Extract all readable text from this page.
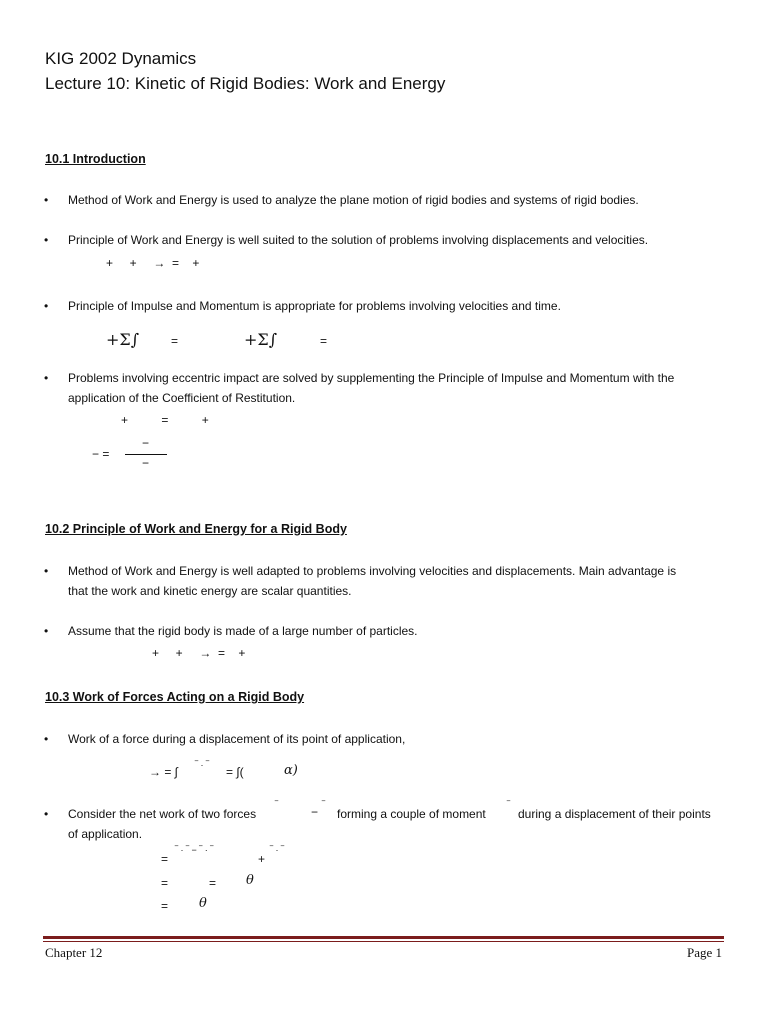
KIG 2002 Dynamics
Lecture 10: Kinetic of Rigid Bodies: Work and Energy
10.1 Introduction
• Method of Work and Energy is used to analyze the plane motion of rigid bodies and systems of rigid bodies.
• Principle of Work and Energy is well suited to the solution of problems involving displacements and velocities.
+     +     →  =    +
• Principle of Impulse and Momentum is appropriate for problems involving velocities and time.
+Σ∫	=	+Σ∫	=
• Problems involving eccentric impact are solved by supplementing the Principle of Impulse and Momentum with the
application of the Coefficient of Restitution.
+          =          +
− =
−
−
10.2 Principle of Work and Energy for a Rigid Body
• Method of Work and Energy is well adapted to problems involving velocities and displacements. Main advantage is
that the work and kinetic energy are scalar quantities.
• Assume that the rigid body is made of a large number of particles.
+     +     →  =    +
10.3 Work of Forces Acting on a Rigid Body
• Work of a force during a displacement of its point of application,
→ = ∫ ‾ · ‾ = ∫(	α)
• Consider the net work of two forces
‾	− ‾
forming a couple of moment
‾
during a displacement of their points
of application.
=
‾ · ‾ − ‾ · ‾
+
‾ · ‾
=	= θ
= θ
Chapter 12	Page 1
